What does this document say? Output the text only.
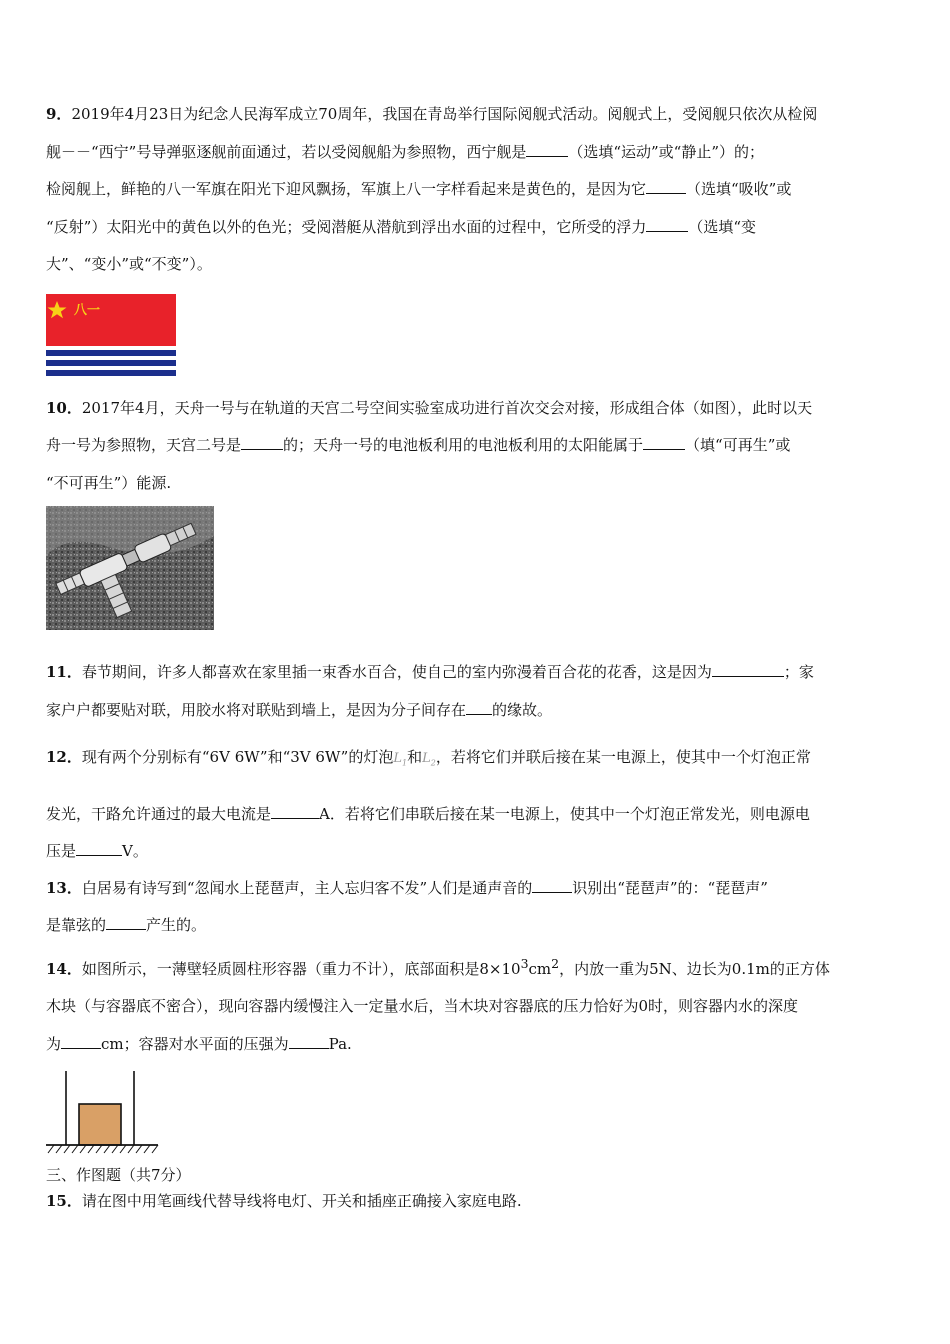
9．2019年4月23日为纪念人民海军成立70周年，我国在青岛举行国际阅舰式活动。阅舰式上，受阅舰只依次从检阅

舰－－“西宁”号导弹驱逐舰前面通过，若以受阅舰船为参照物，西宁舰是	（选填“运动”或“静止”）的；

检阅舰上，鲜艳的八一军旗在阳光下迎风飘扬，军旗上八一字样看起来是黄色的，是因为它	（选填“吸收”或

“反射”）太阳光中的黄色以外的色光；受阅潜艇从潜航到浮出水面的过程中，它所受的浮力	（选填“变

大”、“变小”或“不变”）。

八一

10．2017年4月，天舟一号与在轨道的天宫二号空间实验室成功进行首次交会对接，形成组合体（如图），此时以天

舟一号为参照物，天宫二号是	的；天舟一号的电池板利用的电池板利用的太阳能属于	（填“可再生”或

“不可再生”）能源.

11．春节期间，许多人都喜欢在家里插一束香水百合，使自己的室内弥漫着百合花的花香，这是因为	；家

家户户都要贴对联，用胶水将对联贴到墙上，是因为分子间存在 的缘故。

12．现有两个分别标有“6V 6W”和“3V 6W”的灯泡$L_1$和$L_2$，若将它们并联后接在某一电源上，使其中一个灯泡正常

发光，干路允许通过的最大电流是	A．若将它们串联后接在某一电源上，使其中一个灯泡正常发光，则电源电

压是	V。

13．白居易有诗写到“忽闻水上琵琶声，主人忘归客不发”人们是通声音的	识别出“琵琶声”的：“琵琶声”

是靠弦的	产生的。

14．如图所示，一薄壁轻质圆柱形容器（重力不计），底部面积是$8\times 10^3cm^2$，内放一重为5N、边长为0.1m的正方体

木块（与容器底不密合），现向容器内缓慢注入一定量水后，当木块对容器底的压力恰好为0时，则容器内水的深度

为	cm；容器对水平面的压强为	Pa.

三、作图题（共7分）

15．请在图中用笔画线代替导线将电灯、开关和插座正确接入家庭电路.
